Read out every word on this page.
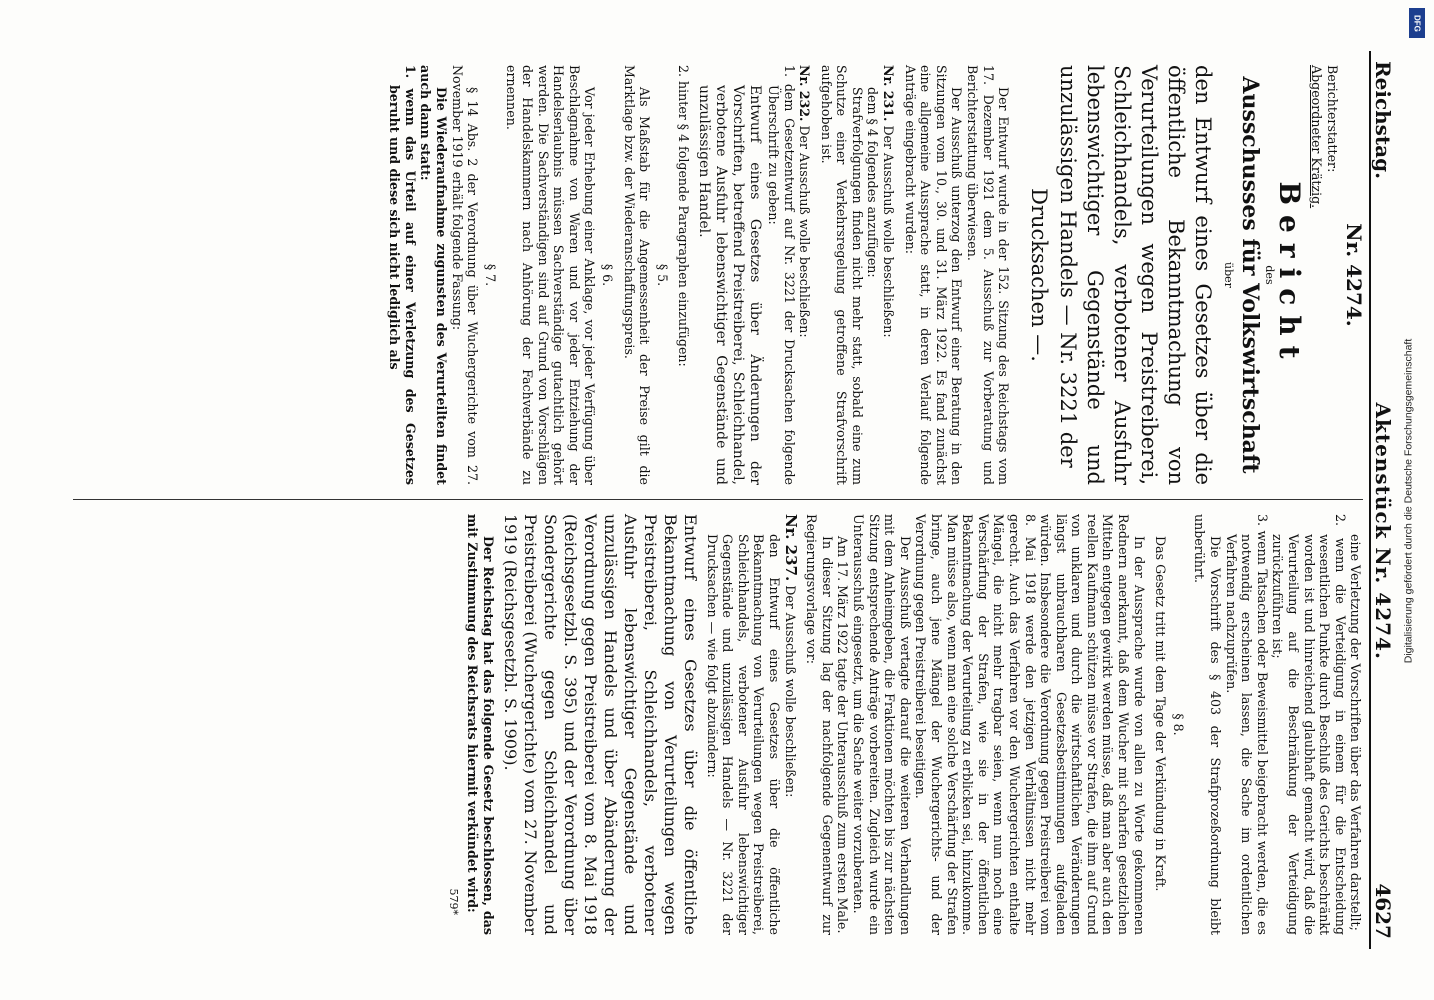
Reichstag.
Aktenstück Nr. 4274.
4627
Nr. 4274.
Berichterstatter:
Abgeordneter Krätzig.
Bericht
des
Ausschusses für Volkswirtschaft
über
den Entwurf eines Gesetzes über die öffentliche Bekanntmachung von Verurteilungen wegen Preistreiberei, Schleichhandels, verbotener Ausfuhr lebenswichtiger Gegenstände und unzulässigen Handels — Nr. 3221 der
Drucksachen —.

Der Entwurf wurde in der 152. Sitzung des Reichstags vom 17. Dezember 1921 dem 5. Ausschuß zur Vorberatung und Berichterstattung überwiesen.

Der Ausschuß unterzog den Entwurf einer Beratung in den Sitzungen vom 10., 30. und 31. März 1922. Es fand zunächst eine allgemeine Aussprache statt, in deren Verlauf folgende Anträge eingebracht wurden:

Nr. 231. Der Ausschuß wolle beschließen:

dem § 4 folgendes anzufügen:

Strafverfolgungen finden nicht mehr statt, sobald eine zum Schutze einer Verkehrsregelung getroffene Strafvorschrift aufgehoben ist.

Nr. 232. Der Ausschuß wolle beschließen:

1. dem Gesetzentwurf auf Nr. 3221 der Drucksachen folgende Überschrift zu geben:

Entwurf eines Gesetzes über Änderungen der Vorschriften, betreffend Preistreiberei, Schleichhandel, verbotene Ausfuhr lebenswichtiger Gegenstände und unzulässigen Handel.

2. hinter § 4 folgende Paragraphen einzufügen:

§ 5.

Als Maßstab für die Angemessenheit der Preise gilt die Marktlage bzw. der Wiederanschaffungspreis.

§ 6.

Vor jeder Erhebung einer Anklage, vor jeder Verfügung über Beschlagnahme von Waren und vor jeder Entziehung der Handelserlaubnis müssen Sachverständige gutachtlich gehört werden. Die Sachverständigen sind auf Grund von Vorschlägen der Handelskammern nach Anhörung der Fachverbände zu ernennen.

§ 7.

§ 14 Abs. 2 der Verordnung über Wuchergerichte vom 27. November 1919 erhält folgende Fassung:

Die Wiederaufnahme zugunsten des Verurteilten findet auch dann statt:

1. wenn das Urteil auf einer Verletzung des Gesetzes beruht und diese sich nicht lediglich als

eine Verletzung der Vorschriften über das Verfahren darstellt;

2. wenn die Verteidigung in einem für die Entscheidung wesentlichen Punkte durch Beschluß des Gerichts beschränkt worden ist und hinreichend glaubhaft gemacht wird, daß die Verurteilung auf die Beschränkung der Verteidigung zurückzuführen ist;

3. wenn Tatsachen oder Beweismittel beigebracht werden, die es notwendig erscheinen lassen, die Sache im ordentlichen Verfahren nachzuprüfen.

Die Vorschrift des § 403 der Strafprozeßordnung bleibt unberührt.

§ 8.

Das Gesetz tritt mit dem Tage der Verkündung in Kraft.

In der Aussprache wurde von allen zu Worte gekommenen Rednern anerkannt, daß dem Wucher mit scharfen gesetzlichen Mitteln entgegen gewirkt werden müsse, daß man aber auch den reellen Kaufmann schützen müsse vor Strafen, die ihm auf Grund von unklaren und durch die wirtschaftlichen Veränderungen längst unbrauchbaren Gesetzesbestimmungen aufgeladen würden. Insbesondere die Verordnung gegen Preistreiberei vom 8. Mai 1918 werde den jetzigen Verhältnissen nicht mehr gerecht. Auch das Verfahren vor den Wuchergerichten enthalte Mängel, die nicht mehr tragbar seien, wenn nun noch eine Verschärfung der Strafen, wie sie in der öffentlichen Bekanntmachung der Verurteilung zu erblicken sei, hinzukomme. Man müsse also, wenn man eine solche Verschärfung der Strafen bringe, auch jene Mängel der Wuchergerichts- und der Verordnung gegen Preistreiberei beseitigen.

Der Ausschuß vertagte darauf die weiteren Verhandlungen mit dem Anheimgeben, die Fraktionen möchten bis zur nächsten Sitzung entsprechende Anträge vorbereiten. Zugleich wurde ein Unterausschuß eingesetzt, um die Sache weiter vorzuberaten.

Am 17. März 1922 tagte der Unterausschuß zum ersten Male.

In dieser Sitzung lag der nachfolgende Gegenentwurf zur Regierungsvorlage vor:

Nr. 237. Der Ausschuß wolle beschließen:

den Entwurf eines Gesetzes über die öffentliche Bekanntmachung von Verurteilungen wegen Preistreiberei, Schleichhandels, verbotener Ausfuhr lebenswichtiger Gegenstände und unzulässigen Handels — Nr. 3221 der Drucksachen — wie folgt abzuändern:

Entwurf eines Gesetzes über die öffentliche Bekanntmachung von Verurteilungen wegen Preistreiberei, Schleichhandels, verbotener Ausfuhr lebenswichtiger Gegenstände und unzulässigen Handels und über Abänderung der Verordnung gegen Preistreiberei vom 8. Mai 1918 (Reichsgesetzbl. S. 395) und der Verordnung über Sondergerichte gegen Schleichhandel und Preistreiberei (Wuchergerichte) vom 27. November 1919 (Reichsgesetzbl. S. 1909).

Der Reichstag hat das folgende Gesetz beschlossen, das mit Zustimmung des Reichsrats hiermit verkündet wird:

579*
DFG
Digitalisierung gefördert durch die Deutsche Forschungsgemeinschaft
